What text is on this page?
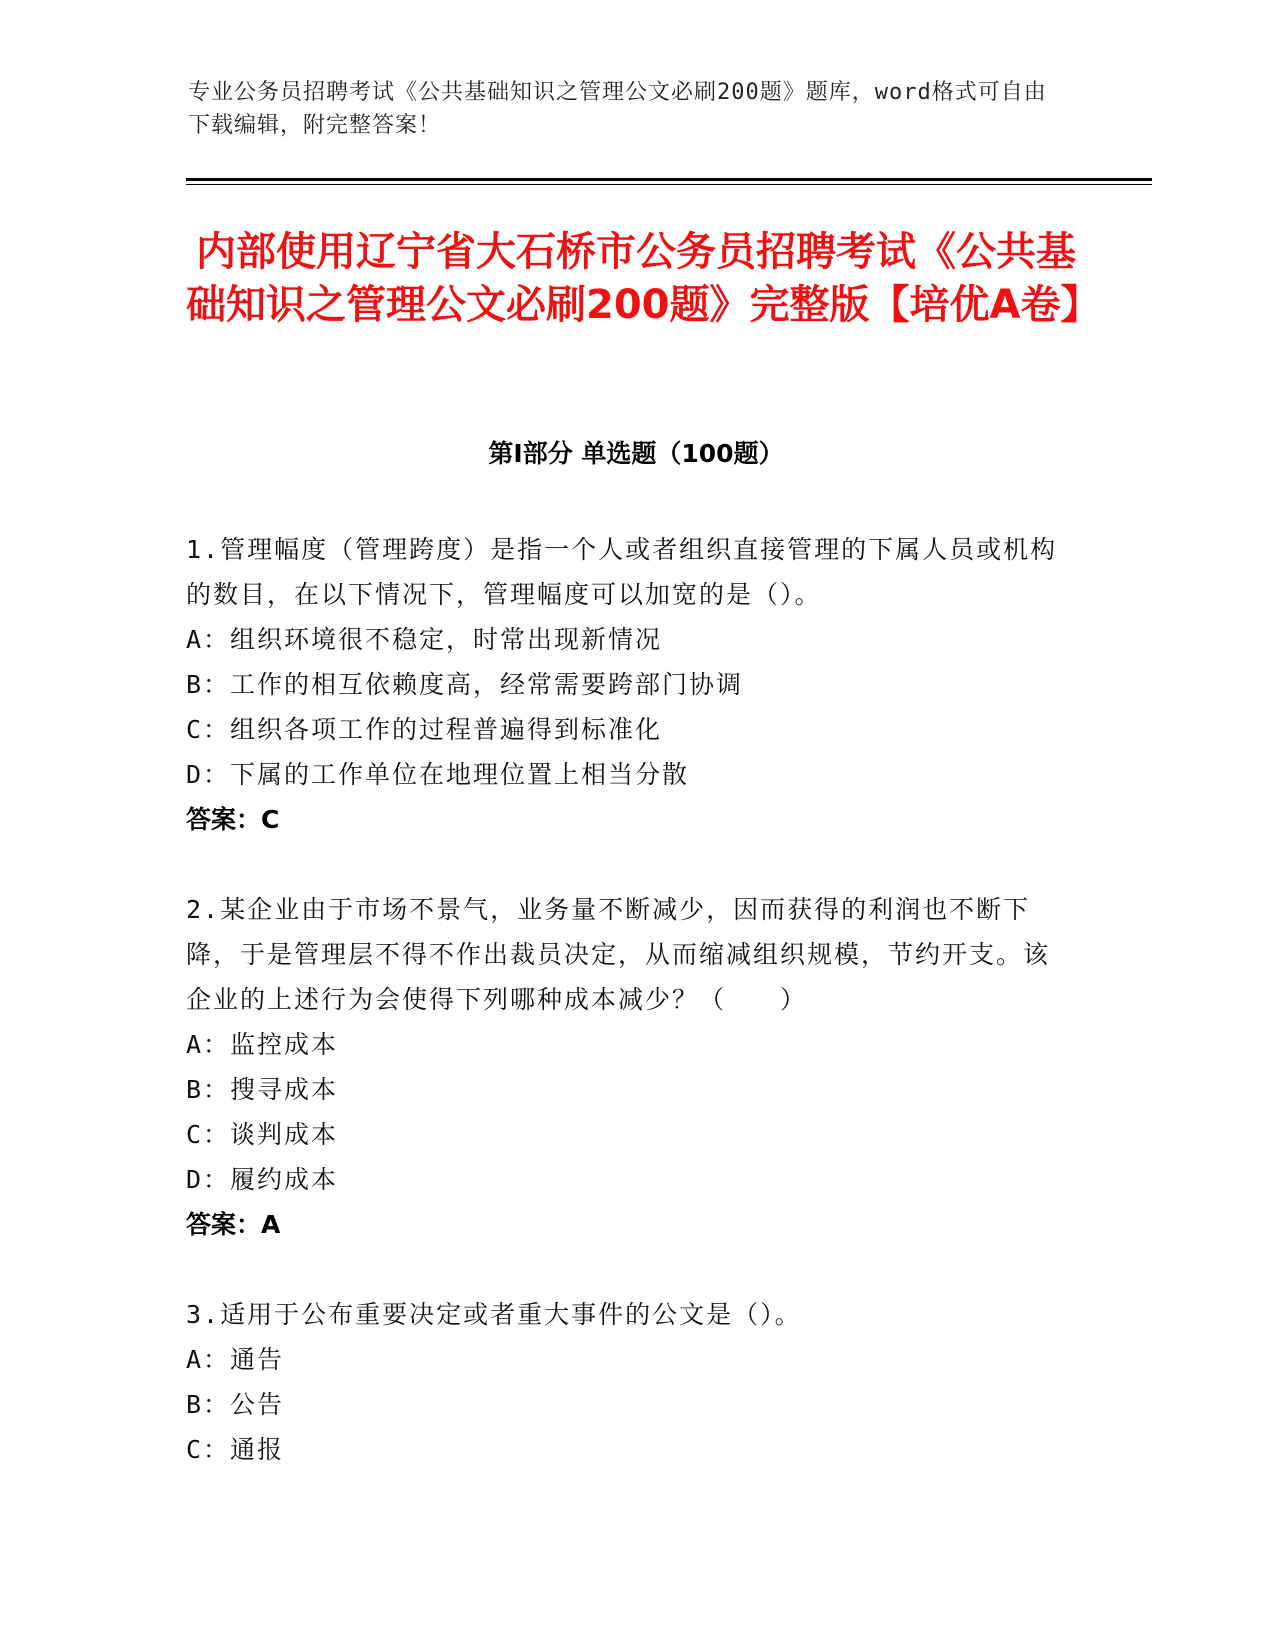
专业公务员招聘考试《公共基础知识之管理公文必刷200题》题库，word格式可自由下载编辑，附完整答案！
内部使用辽宁省大石桥市公务员招聘考试《公共基础知识之管理公文必刷200题》完整版【培优A卷】
第I部分 单选题（100题）

1.管理幅度（管理跨度）是指一个人或者组织直接管理的下属人员或机构的数目，在以下情况下，管理幅度可以加宽的是（）。

A：组织环境很不稳定，时常出现新情况

B：工作的相互依赖度高，经常需要跨部门协调

C：组织各项工作的过程普遍得到标准化

D：下属的工作单位在地理位置上相当分散

答案：C

2.某企业由于市场不景气，业务量不断减少，因而获得的利润也不断下降，于是管理层不得不作出裁员决定，从而缩减组织规模，节约开支。该企业的上述行为会使得下列哪种成本减少？（　　）

A：监控成本

B：搜寻成本

C：谈判成本

D：履约成本

答案：A

3.适用于公布重要决定或者重大事件的公文是（）。

A：通告

B：公告

C：通报
